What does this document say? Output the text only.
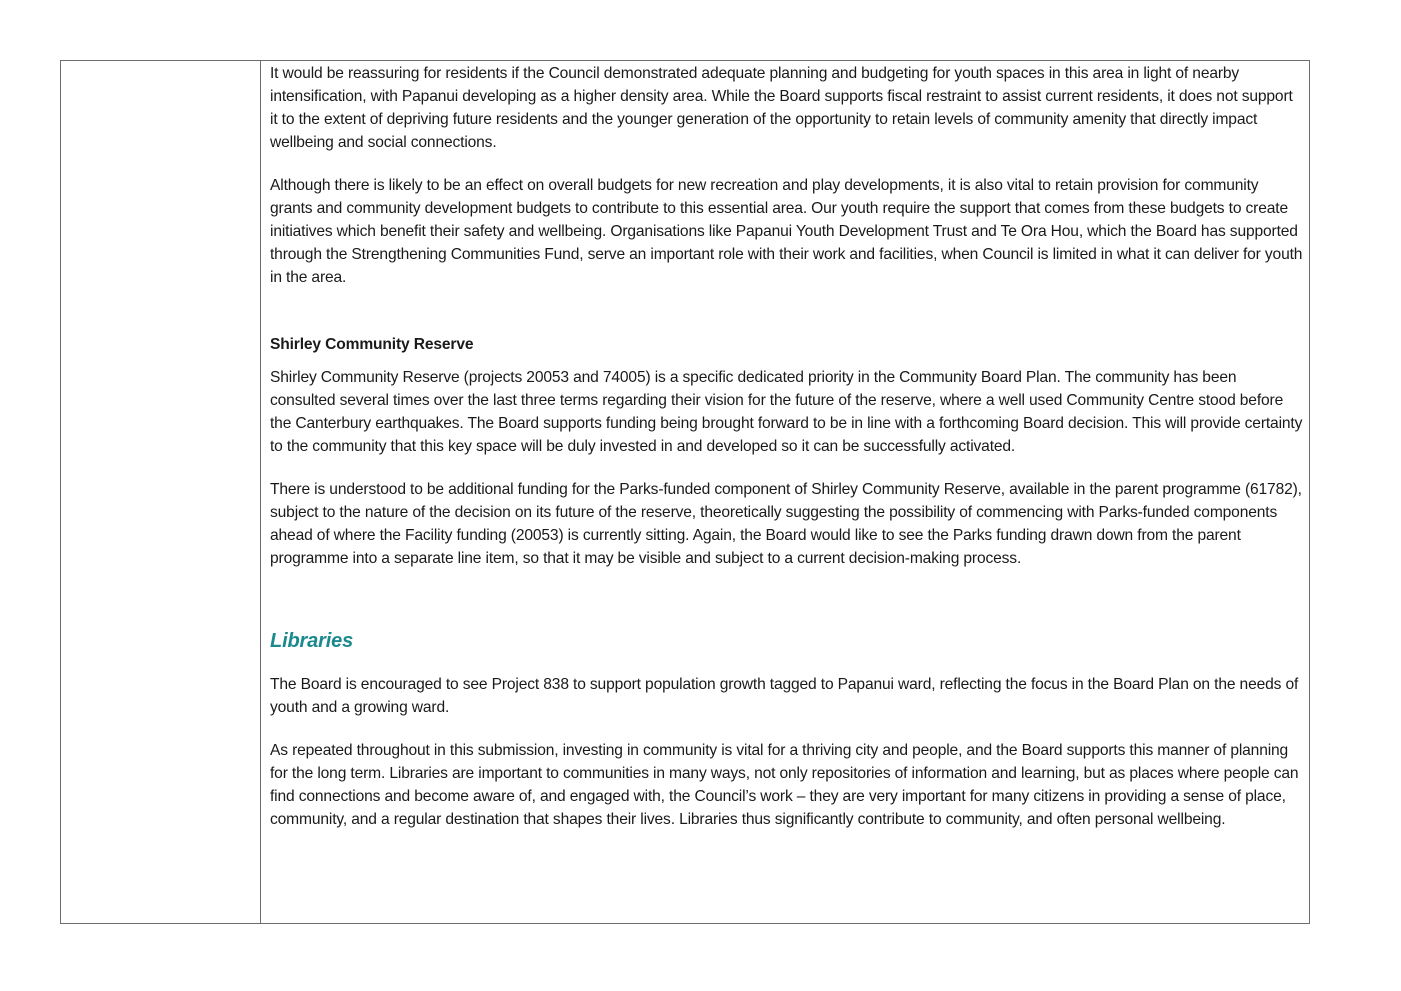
It would be reassuring for residents if the Council demonstrated adequate planning and budgeting for youth spaces in this area in light of nearby intensification, with Papanui developing as a higher density area. While the Board supports fiscal restraint to assist current residents, it does not support it to the extent of depriving future residents and the younger generation of the opportunity to retain levels of community amenity that directly impact wellbeing and social connections.

Although there is likely to be an effect on overall budgets for new recreation and play developments, it is also vital to retain provision for community grants and community development budgets to contribute to this essential area. Our youth require the support that comes from these budgets to create initiatives which benefit their safety and wellbeing. Organisations like Papanui Youth Development Trust and Te Ora Hou, which the Board has supported through the Strengthening Communities Fund, serve an important role with their work and facilities, when Council is limited in what it can deliver for youth in the area.

Shirley Community Reserve

Shirley Community Reserve (projects 20053 and 74005) is a specific dedicated priority in the Community Board Plan. The community has been consulted several times over the last three terms regarding their vision for the future of the reserve, where a well used Community Centre stood before the Canterbury earthquakes. The Board supports funding being brought forward to be in line with a forthcoming Board decision. This will provide certainty to the community that this key space will be duly invested in and developed so it can be successfully activated.

There is understood to be additional funding for the Parks-funded component of Shirley Community Reserve, available in the parent programme (61782), subject to the nature of the decision on its future of the reserve, theoretically suggesting the possibility of commencing with Parks-funded components ahead of where the Facility funding (20053) is currently sitting. Again, the Board would like to see the Parks funding drawn down from the parent programme into a separate line item, so that it may be visible and subject to a current decision-making process.

Libraries

The Board is encouraged to see Project 838 to support population growth tagged to Papanui ward, reflecting the focus in the Board Plan on the needs of youth and a growing ward.

As repeated throughout in this submission, investing in community is vital for a thriving city and people, and the Board supports this manner of planning for the long term. Libraries are important to communities in many ways, not only repositories of information and learning, but as places where people can find connections and become aware of, and engaged with, the Council’s work – they are very important for many citizens in providing a sense of place, community, and a regular destination that shapes their lives. Libraries thus significantly contribute to community, and often personal wellbeing.
